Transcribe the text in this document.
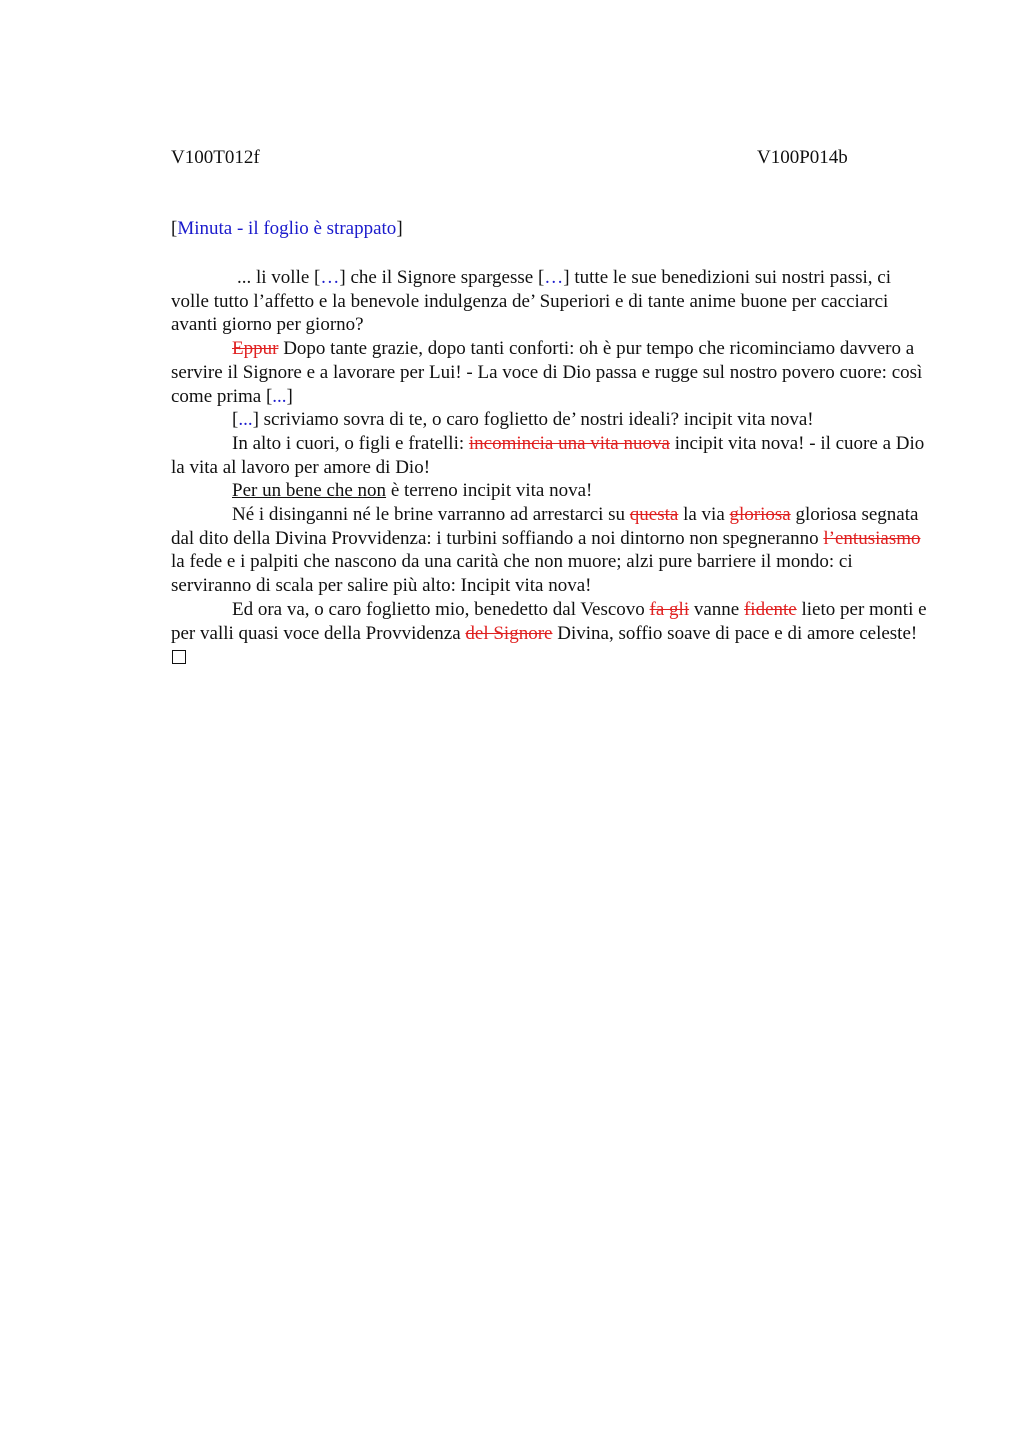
V100T012f	V100P014b
[Minuta - il foglio è strappato]

... li volle […] che il Signore spargesse […] tutte le sue benedizioni sui nostri passi, ci volle tutto l’affetto e la benevole indulgenza de’ Superiori e di tante anime buone per cacciarci avanti giorno per giorno?

Eppur Dopo tante grazie, dopo tanti conforti: oh è pur tempo che ricominciamo davvero a servire il Signore e a lavorare per Lui! - La voce di Dio passa e rugge sul nostro povero cuore: così come prima [...]

[...] scriviamo sovra di te, o caro foglietto de’ nostri ideali? incipit vita nova!

In alto i cuori, o figli e fratelli: incomincia una vita nuova incipit vita nova! - il cuore a Dio la vita al lavoro per amore di Dio!

Per un bene che non è terreno incipit vita nova!

Né i disinganni né le brine varranno ad arrestarci su questa la via gloriosa gloriosa segnata dal dito della Divina Provvidenza: i turbini soffiando a noi dintorno non spegneranno l’entusiasmo la fede e i palpiti che nascono da una carità che non muore; alzi pure barriere il mondo: ci serviranno di scala per salire più alto: Incipit vita nova!

Ed ora va, o caro foglietto mio, benedetto dal Vescovo fa gli vanne fidente lieto per monti e per valli quasi voce della Provvidenza del Signore Divina, soffio soave di pace e di amore celeste!
